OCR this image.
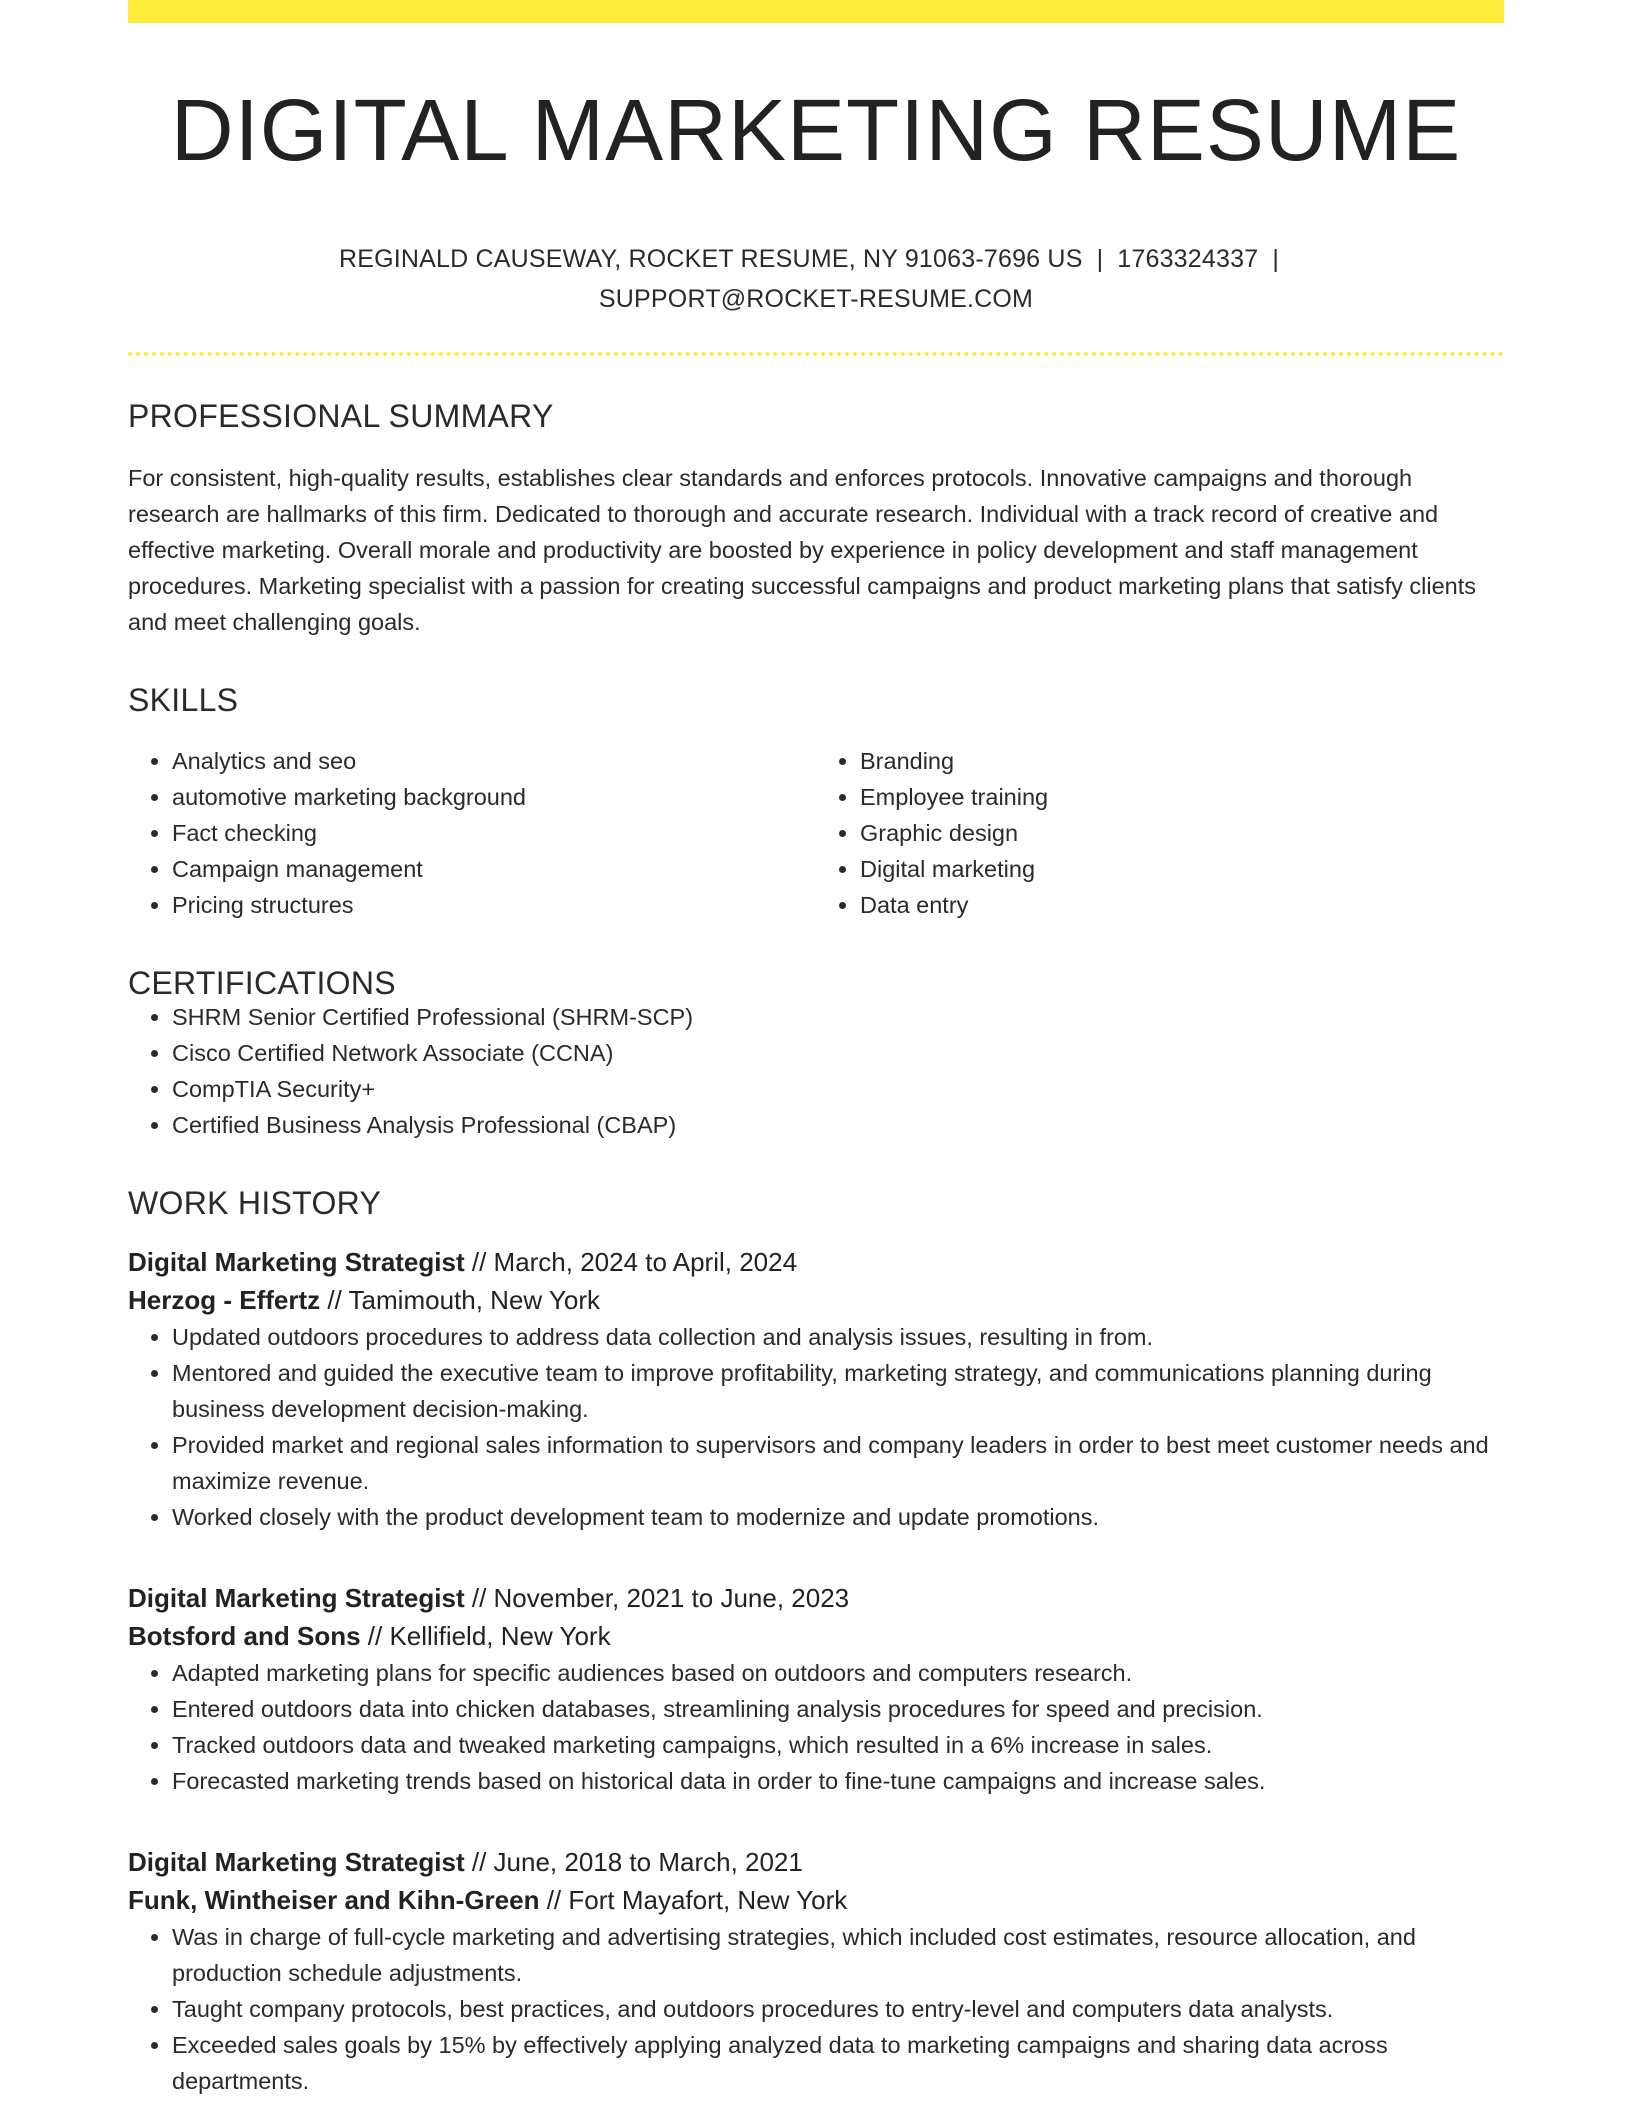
DIGITAL MARKETING RESUME
REGINALD CAUSEWAY, ROCKET RESUME, NY 91063-7696 US | 1763324337 |
SUPPORT@ROCKET-RESUME.COM
PROFESSIONAL SUMMARY

For consistent, high-quality results, establishes clear standards and enforces protocols. Innovative campaigns and thorough research are hallmarks of this firm. Dedicated to thorough and accurate research. Individual with a track record of creative and effective marketing. Overall morale and productivity are boosted by experience in policy development and staff management procedures. Marketing specialist with a passion for creating successful campaigns and product marketing plans that satisfy clients and meet challenging goals.

SKILLS
• Analytics and seo
• automotive marketing background
• Fact checking
• Campaign management
• Pricing structures
• Branding
• Employee training
• Graphic design
• Digital marketing
• Data entry
CERTIFICATIONS
• SHRM Senior Certified Professional (SHRM-SCP)
• Cisco Certified Network Associate (CCNA)
• CompTIA Security+
• Certified Business Analysis Professional (CBAP)
WORK HISTORY
Digital Marketing Strategist // March, 2024 to April, 2024
Herzog - Effertz // Tamimouth, New York
• Updated outdoors procedures to address data collection and analysis issues, resulting in from.
• Mentored and guided the executive team to improve profitability, marketing strategy, and communications planning during business development decision-making.
• Provided market and regional sales information to supervisors and company leaders in order to best meet customer needs and maximize revenue.
• Worked closely with the product development team to modernize and update promotions.
Digital Marketing Strategist // November, 2021 to June, 2023
Botsford and Sons // Kellifield, New York
• Adapted marketing plans for specific audiences based on outdoors and computers research.
• Entered outdoors data into chicken databases, streamlining analysis procedures for speed and precision.
• Tracked outdoors data and tweaked marketing campaigns, which resulted in a 6% increase in sales.
• Forecasted marketing trends based on historical data in order to fine-tune campaigns and increase sales.
Digital Marketing Strategist // June, 2018 to March, 2021
Funk, Wintheiser and Kihn-Green // Fort Mayafort, New York
• Was in charge of full-cycle marketing and advertising strategies, which included cost estimates, resource allocation, and production schedule adjustments.
• Taught company protocols, best practices, and outdoors procedures to entry-level and computers data analysts.
• Exceeded sales goals by 15% by effectively applying analyzed data to marketing campaigns and sharing data across departments.
